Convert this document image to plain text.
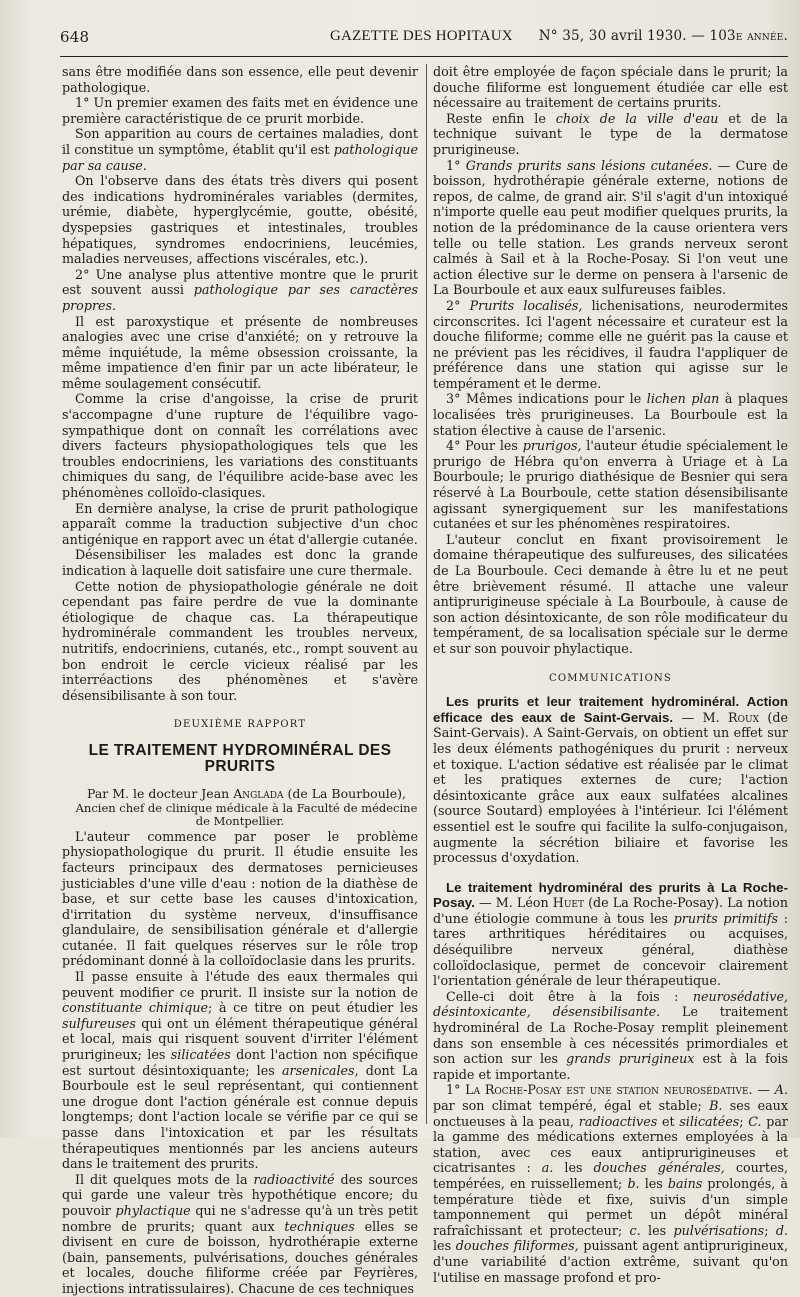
648	GAZETTE DES HOPITAUX N° 35, 30 avril 1930. — 103e année.

sans être modifiée dans son essence, elle peut devenir pathologique.

1° Un premier examen des faits met en évidence une première caractéristique de ce prurit morbide.

Son apparition au cours de certaines maladies, dont il constitue un symptôme, établit qu'il est pathologique par sa cause.

On l'observe dans des états très divers qui posent des indications hydrominérales variables (dermites, urémie, diabète, hyperglycémie, goutte, obésité, dyspepsies gastriques et intestinales, troubles hépatiques, syndromes endocriniens, leucémies, maladies nerveuses, affections viscérales, etc.).

2° Une analyse plus attentive montre que le prurit est souvent aussi pathologique par ses caractères propres.

Il est paroxystique et présente de nombreuses analogies avec une crise d'anxiété; on y retrouve la même inquiétude, la même obsession croissante, la même impatience d'en finir par un acte libérateur, le même soulagement consécutif.

Comme la crise d'angoisse, la crise de prurit s'accompagne d'une rupture de l'équilibre vago-sympathique dont on connaît les corrélations avec divers facteurs physiopathologiques tels que les troubles endocriniens, les variations des constituants chimiques du sang, de l'équilibre acide-base avec les phénomènes colloïdo-clasiques.

En dernière analyse, la crise de prurit pathologique apparaît comme la traduction subjective d'un choc antigénique en rapport avec un état d'allergie cutanée.

Désensibiliser les malades est donc la grande indication à laquelle doit satisfaire une cure thermale.

Cette notion de physiopathologie générale ne doit cependant pas faire perdre de vue la dominante étiologique de chaque cas. La thérapeutique hydrominérale commandent les troubles nerveux, nutritifs, endocriniens, cutanés, etc., rompt souvent au bon endroit le cercle vicieux réalisé par les interréactions des phénomènes et s'avère désensibilisante à son tour.

DEUXIÈME RAPPORT
LE TRAITEMENT HYDROMINÉRAL DES PRURITS

Par M. le docteur Jean Anglada (de La Bourboule),

Ancien chef de clinique médicale à la Faculté de médecine de Montpellier.

L'auteur commence par poser le problème physiopathologique du prurit. Il étudie ensuite les facteurs principaux des dermatoses pernicieuses justiciables d'une ville d'eau : notion de la diathèse de base, et sur cette base les causes d'intoxication, d'irritation du système nerveux, d'insuffisance glandulaire, de sensibilisation générale et d'allergie cutanée. Il fait quelques réserves sur le rôle trop prédominant donné à la colloïdoclasie dans les prurits.

Il passe ensuite à l'étude des eaux thermales qui peuvent modifier ce prurit. Il insiste sur la notion de constituante chimique; à ce titre on peut étudier les sulfureuses qui ont un élément thérapeutique général et local, mais qui risquent souvent d'irriter l'élément prurigineux; les silicatées dont l'action non spécifique est surtout désintoxiquante; les arsenicales, dont La Bourboule est le seul représentant, qui contiennent une drogue dont l'action générale est connue depuis longtemps; dont l'action locale se vérifie par ce qui se passe dans l'intoxication et par les résultats thérapeutiques mentionnés par les anciens auteurs dans le traitement des prurits.

Il dit quelques mots de la radioactivité des sources qui garde une valeur très hypothétique encore; du pouvoir phylactique qui ne s'adresse qu'à un très petit nombre de prurits; quant aux techniques elles se divisent en cure de boisson, hydrothérapie externe (bain, pansements, pulvérisations, douches générales et locales, douche filiforme créée par Feyrières, injections intratissulaires). Chacune de ces techniques

doit être employée de façon spéciale dans le prurit; la douche filiforme est longuement étudiée car elle est nécessaire au traitement de certains prurits.

Reste enfin le choix de la ville d'eau et de la technique suivant le type de la dermatose prurigineuse.

1° Grands prurits sans lésions cutanées. — Cure de boisson, hydrothérapie générale externe, notions de repos, de calme, de grand air. S'il s'agit d'un intoxiqué n'importe quelle eau peut modifier quelques prurits, la notion de la prédominance de la cause orientera vers telle ou telle station. Les grands nerveux seront calmés à Sail et à la Roche-Posay. Si l'on veut une action élective sur le derme on pensera à l'arsenic de La Bourboule et aux eaux sulfureuses faibles.

2° Prurits localisés, lichenisations, neurodermites circonscrites. Ici l'agent nécessaire et curateur est la douche filiforme; comme elle ne guérit pas la cause et ne prévient pas les récidives, il faudra l'appliquer de préférence dans une station qui agisse sur le tempérament et le derme.

3° Mêmes indications pour le lichen plan à plaques localisées très prurigineuses. La Bourboule est la station élective à cause de l'arsenic.

4° Pour les prurigos, l'auteur étudie spécialement le prurigo de Hébra qu'on enverra à Uriage et à La Bourboule; le prurigo diathésique de Besnier qui sera réservé à La Bourboule, cette station désensibilisante agissant synergiquement sur les manifestations cutanées et sur les phénomènes respiratoires.

L'auteur conclut en fixant provisoirement le domaine thérapeutique des sulfureuses, des silicatées de La Bourboule. Ceci demande à être lu et ne peut être brièvement résumé. Il attache une valeur antiprurigineuse spéciale à La Bourboule, à cause de son action désintoxicante, de son rôle modificateur du tempérament, de sa localisation spéciale sur le derme et sur son pouvoir phylactique.

COMMUNICATIONS

Les prurits et leur traitement hydrominéral. Action efficace des eaux de Saint-Gervais. — M. Roux (de Saint-Gervais). A Saint-Gervais, on obtient un effet sur les deux éléments pathogéniques du prurit : nerveux et toxique. L'action sédative est réalisée par le climat et les pratiques externes de cure; l'action désintoxicante grâce aux eaux sulfatées alcalines (source Soutard) employées à l'intérieur. Ici l'élément essentiel est le soufre qui facilite la sulfo-conjugaison, augmente la sécrétion biliaire et favorise les processus d'oxydation.

Le traitement hydrominéral des prurits à La Roche-Posay. — M. Léon Huet (de La Roche-Posay). La notion d'une étiologie commune à tous les prurits primitifs : tares arthritiques héréditaires ou acquises, déséquilibre nerveux général, diathèse colloïdoclasique, permet de concevoir clairement l'orientation générale de leur thérapeutique.

Celle-ci doit être à la fois : neurosédative, désintoxicante, désensibilisante. Le traitement hydrominéral de La Roche-Posay remplit pleinement dans son ensemble à ces nécessités primordiales et son action sur les grands prurigineux est à la fois rapide et importante.

1° La Roche-Posay est une station neurosédative. — A. par son climat tempéré, égal et stable; B. ses eaux onctueuses à la peau, radioactives et silicatées; C. par la gamme des médications externes employées à la station, avec ces eaux antiprurigineuses et cicatrisantes : a. les douches générales, courtes, tempérées, en ruissellement; b. les bains prolongés, à température tiède et fixe, suivis d'un simple tamponnement qui permet un dépôt minéral rafraîchissant et protecteur; c. les pulvérisations; d. les douches filiformes, puissant agent antiprurigineux, d'une variabilité d'action extrême, suivant qu'on l'utilise en massage profond et pro-
